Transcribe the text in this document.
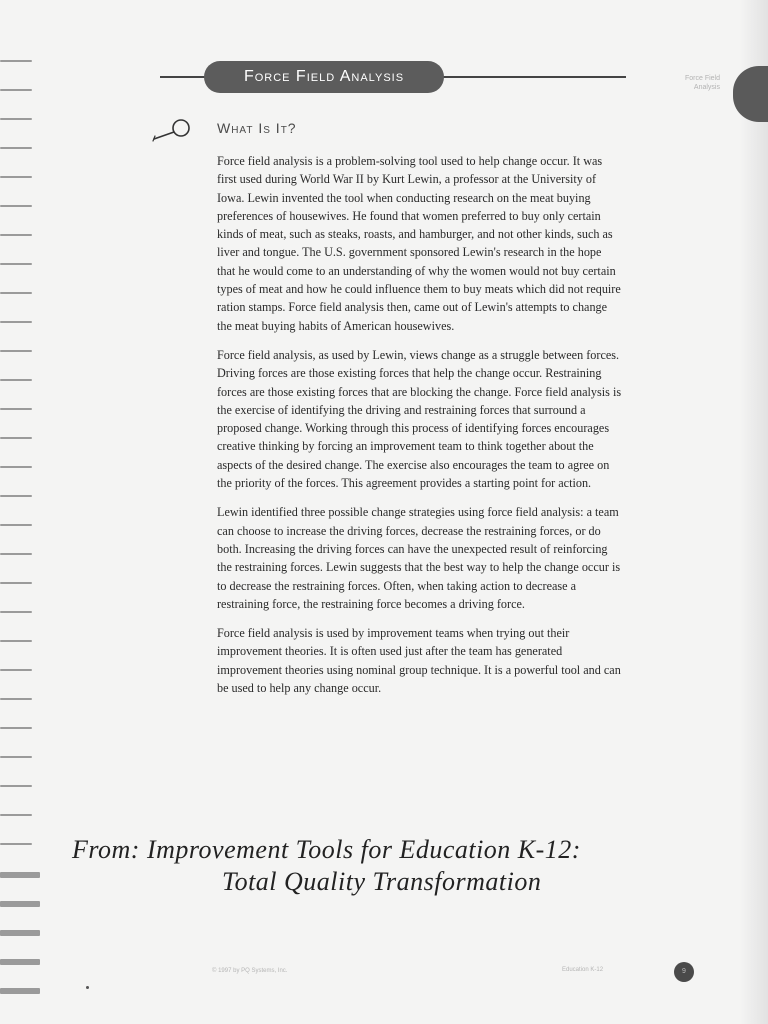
Force Field Analysis
Force Field Analysis
What Is It?

Force field analysis is a problem-solving tool used to help change occur. It was first used during World War II by Kurt Lewin, a professor at the University of Iowa. Lewin invented the tool when conducting research on the meat buying preferences of housewives. He found that women preferred to buy only certain kinds of meat, such as steaks, roasts, and hamburger, and not other kinds, such as liver and tongue. The U.S. government sponsored Lewin's research in the hope that he would come to an understanding of why the women would not buy certain types of meat and how he could influence them to buy meats which did not require ration stamps. Force field analysis then, came out of Lewin's attempts to change the meat buying habits of American housewives.

Force field analysis, as used by Lewin, views change as a struggle between forces. Driving forces are those existing forces that help the change occur. Restraining forces are those existing forces that are blocking the change. Force field analysis is the exercise of identifying the driving and restraining forces that surround a proposed change. Working through this process of identifying forces encourages creative thinking by forcing an improvement team to think together about the aspects of the desired change. The exercise also encourages the team to agree on the priority of the forces. This agreement provides a starting point for action.

Lewin identified three possible change strategies using force field analysis: a team can choose to increase the driving forces, decrease the restraining forces, or do both. Increasing the driving forces can have the unexpected result of reinforcing the restraining forces. Lewin suggests that the best way to help the change occur is to decrease the restraining forces. Often, when taking action to decrease a restraining force, the restraining force becomes a driving force.

Force field analysis is used by improvement teams when trying out their improvement theories. It is often used just after the team has generated improvement theories using nominal group technique. It is a powerful tool and can be used to help any change occur.

From: Improvement Tools for Education K-12:
Total Quality Transformation
© 1997 by PQ Systems, Inc.	Education K-12	9
